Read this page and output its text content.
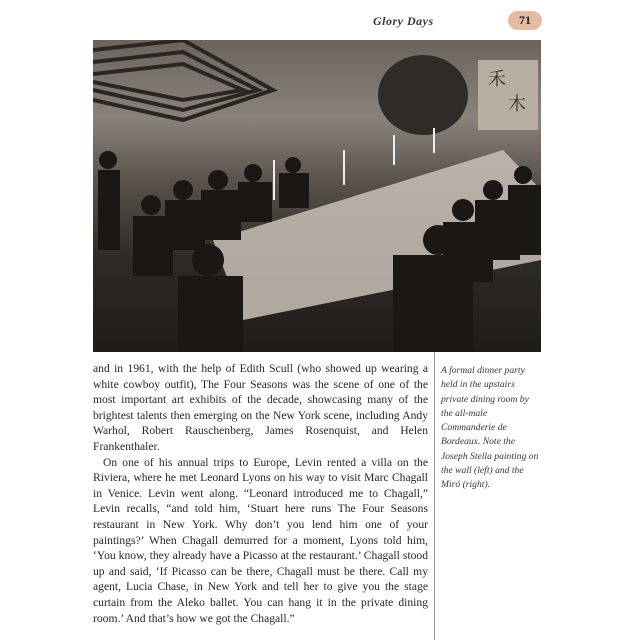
Glory Days	71
禾
木

and in 1961, with the help of Edith Scull (who showed up wearing a white cowboy outfit), The Four Seasons was the scene of one of the most important art exhibits of the decade, showcasing many of the brightest talents then emerging on the New York scene, including Andy Warhol, Robert Rauschenberg, James Rosenquist, and Helen Frankenthaler.

On one of his annual trips to Europe, Levin rented a villa on the Riviera, where he met Leonard Lyons on his way to visit Marc Chagall in Venice. Levin went along. “Leonard introduced me to Chagall,” Levin recalls, “and told him, ‘Stuart here runs The Four Seasons restaurant in New York. Why don’t you lend him one of your paintings?’ When Chagall demurred for a moment, Lyons told him, ‘You know, they already have a Picasso at the restaurant.’ Chagall stood up and said, ‘If Picasso can be there, Chagall must be there. Call my agent, Lucia Chase, in New York and tell her to give you the stage curtain from the Aleko ballet. You can hang it in the private dining room.’ And that’s how we got the Chagall.”

A formal dinner party held in the upstairs private dining room by the all-male Commanderie de Bordeaux. Note the Joseph Stella painting on the wall (left) and the Miró (right).
